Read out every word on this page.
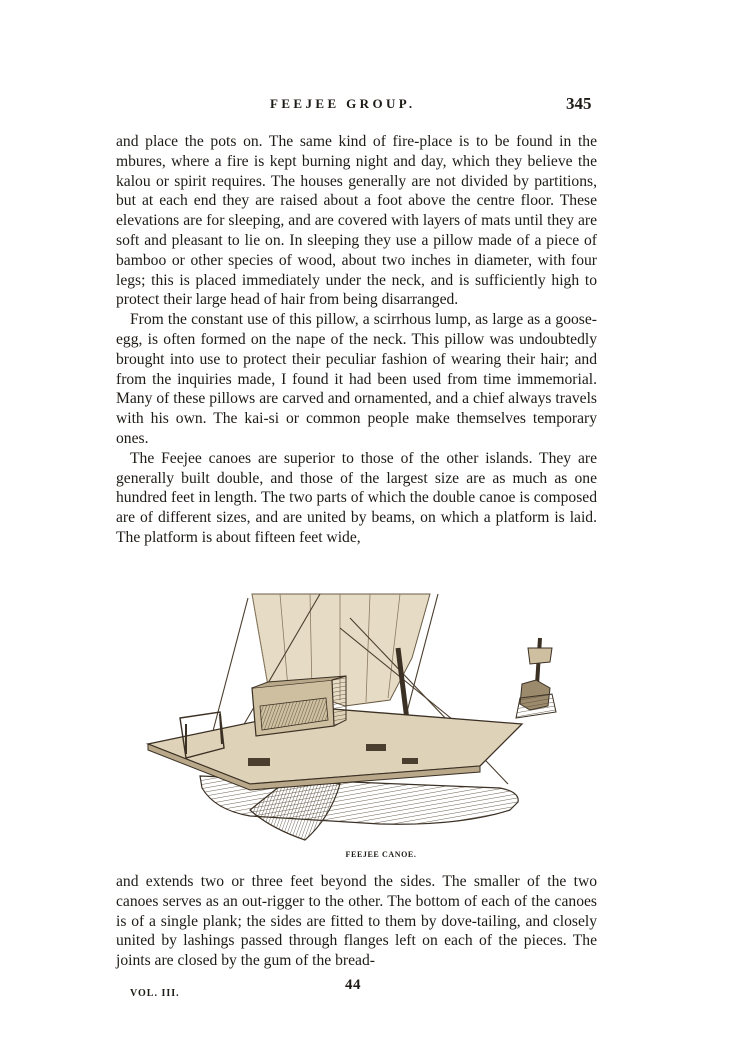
FEEJEE GROUP.	345

and place the pots on. The same kind of fire-place is to be found in the mbures, where a fire is kept burning night and day, which they believe the kalou or spirit requires. The houses generally are not divided by partitions, but at each end they are raised about a foot above the centre floor. These elevations are for sleeping, and are covered with layers of mats until they are soft and pleasant to lie on. In sleeping they use a pillow made of a piece of bamboo or other species of wood, about two inches in diameter, with four legs; this is placed immediately under the neck, and is sufficiently high to protect their large head of hair from being disarranged.

From the constant use of this pillow, a scirrhous lump, as large as a goose-egg, is often formed on the nape of the neck. This pillow was undoubtedly brought into use to protect their peculiar fashion of wearing their hair; and from the inquiries made, I found it had been used from time immemorial. Many of these pillows are carved and ornamented, and a chief always travels with his own. The kai-si or common people make themselves temporary ones.

The Feejee canoes are superior to those of the other islands. They are generally built double, and those of the largest size are as much as one hundred feet in length. The two parts of which the double canoe is composed are of different sizes, and are united by beams, on which a platform is laid. The platform is about fifteen feet wide,

FEEJEE CANOE.

and extends two or three feet beyond the sides. The smaller of the two canoes serves as an out-rigger to the other. The bottom of each of the canoes is of a single plank; the sides are fitted to them by dove-tailing, and closely united by lashings passed through flanges left on each of the pieces. The joints are closed by the gum of the bread-

VOL. III.
44
